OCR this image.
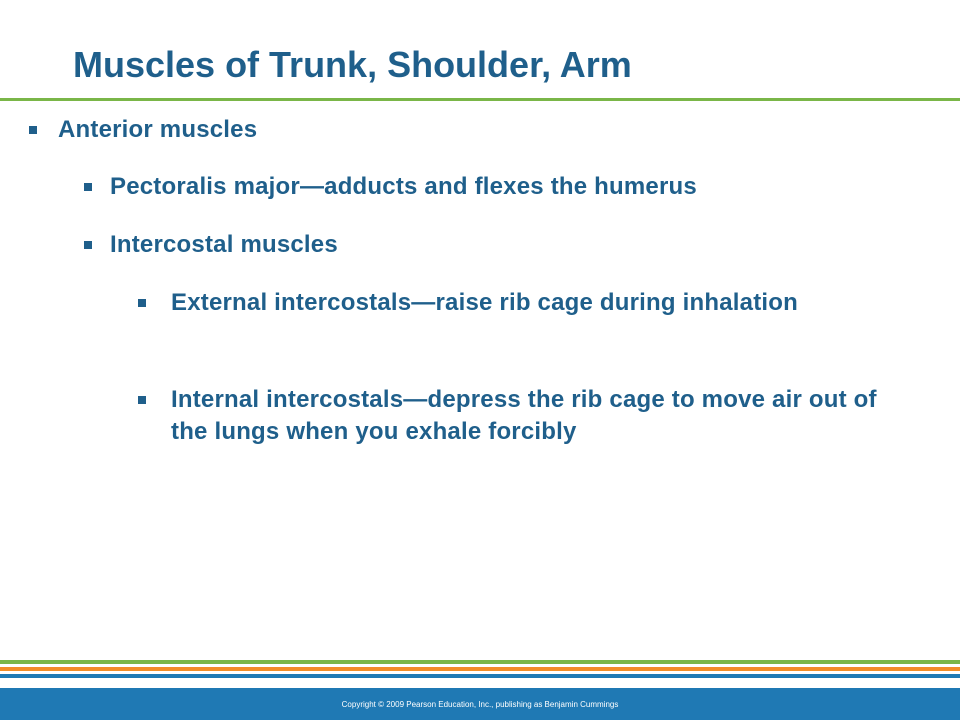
Muscles of Trunk, Shoulder, Arm
Anterior muscles
Pectoralis major—adducts and flexes the humerus
Intercostal muscles
External intercostals—raise rib cage during inhalation
Internal intercostals—depress the rib cage to move air out of the lungs when you exhale forcibly
Copyright © 2009 Pearson Education, Inc., publishing as Benjamin Cummings
